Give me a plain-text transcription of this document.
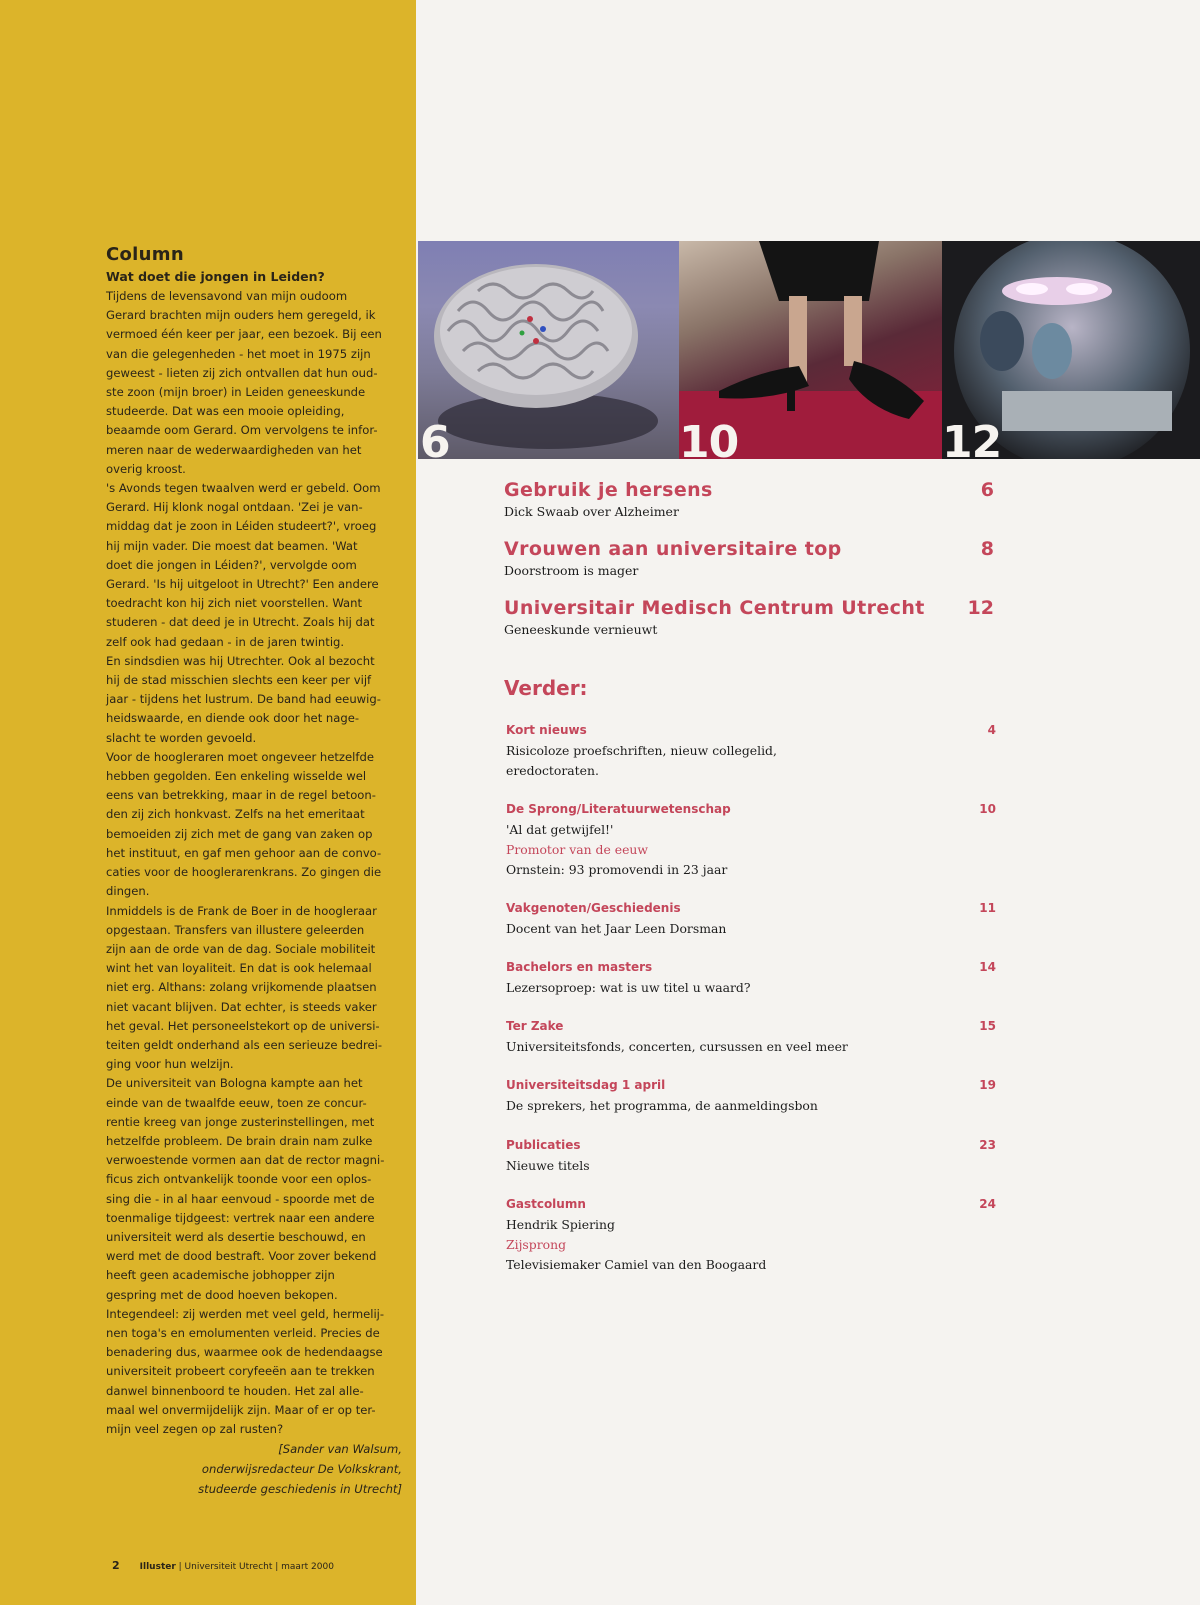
Column
Wat doet die jongen in Leiden?

Tijdens de levensavond van mijn oudoom
Gerard brachten mijn ouders hem geregeld, ik
vermoed één keer per jaar, een bezoek. Bij een
van die gelegenheden - het moet in 1975 zijn
geweest - lieten zij zich ontvallen dat hun oud-
ste zoon (mijn broer) in Leiden geneeskunde
studeerde. Dat was een mooie opleiding,
beaamde oom Gerard. Om vervolgens te infor-
meren naar de wederwaardigheden van het
overig kroost.
's Avonds tegen twaalven werd er gebeld. Oom
Gerard. Hij klonk nogal ontdaan. 'Zei je van-
middag dat je zoon in Léiden studeert?', vroeg
hij mijn vader. Die moest dat beamen. 'Wat
doet die jongen in Léiden?', vervolgde oom
Gerard. 'Is hij uitgeloot in Utrecht?' Een andere
toedracht kon hij zich niet voorstellen. Want
studeren - dat deed je in Utrecht. Zoals hij dat
zelf ook had gedaan - in de jaren twintig.
En sindsdien was hij Utrechter. Ook al bezocht
hij de stad misschien slechts een keer per vijf
jaar - tijdens het lustrum. De band had eeuwig-
heidswaarde, en diende ook door het nage-
slacht te worden gevoeld.
Voor de hoogleraren moet ongeveer hetzelfde
hebben gegolden. Een enkeling wisselde wel
eens van betrekking, maar in de regel betoon-
den zij zich honkvast. Zelfs na het emeritaat
bemoeiden zij zich met de gang van zaken op
het instituut, en gaf men gehoor aan de convo-
caties voor de hooglerarenkrans. Zo gingen die
dingen.
Inmiddels is de Frank de Boer in de hoogleraar
opgestaan. Transfers van illustere geleerden
zijn aan de orde van de dag. Sociale mobiliteit
wint het van loyaliteit. En dat is ook helemaal
niet erg. Althans: zolang vrijkomende plaatsen
niet vacant blijven. Dat echter, is steeds vaker
het geval. Het personeelstekort op de universi-
teiten geldt onderhand als een serieuze bedrei-
ging voor hun welzijn.
De universiteit van Bologna kampte aan het
einde van de twaalfde eeuw, toen ze concur-
rentie kreeg van jonge zusterinstellingen, met
hetzelfde probleem. De brain drain nam zulke
verwoestende vormen aan dat de rector magni-
ficus zich ontvankelijk toonde voor een oplos-
sing die - in al haar eenvoud - spoorde met de
toenmalige tijdgeest: vertrek naar een andere
universiteit werd als desertie beschouwd, en
werd met de dood bestraft. Voor zover bekend
heeft geen academische jobhopper zijn
gespring met de dood hoeven bekopen.
Integendeel: zij werden met veel geld, hermelij-
nen toga's en emolumenten verleid. Precies de
benadering dus, waarmee ook de hedendaagse
universiteit probeert coryfeeën aan te trekken
danwel binnenboord te houden. Het zal alle-
maal wel onvermijdelijk zijn. Maar of er op ter-
mijn veel zegen op zal rusten?

[Sander van Walsum,
onderwijsredacteur De Volkskrant,
studeerde geschiedenis in Utrecht]

2 Illuster | Universiteit Utrecht | maart 2000
6	10	12
Gebruik je hersens	6
Dick Swaab over Alzheimer
Vrouwen aan universitaire top	8
Doorstroom is mager
Universitair Medisch Centrum Utrecht	12
Geneeskunde vernieuwt
Verder:
Kort nieuws	4
Risicoloze proefschriften, nieuw collegelid,
eredoctoraten.
De Sprong/Literatuurwetenschap	10
'Al dat getwijfel!'
Promotor van de eeuw
Ornstein: 93 promovendi in 23 jaar
Vakgenoten/Geschiedenis	11
Docent van het Jaar Leen Dorsman
Bachelors en masters	14
Lezersoproep: wat is uw titel u waard?
Ter Zake	15
Universiteitsfonds, concerten, cursussen en veel meer
Universiteitsdag 1 april	19
De sprekers, het programma, de aanmeldingsbon
Publicaties	23
Nieuwe titels
Gastcolumn	24
Hendrik Spiering
Zijsprong
Televisiemaker Camiel van den Boogaard
